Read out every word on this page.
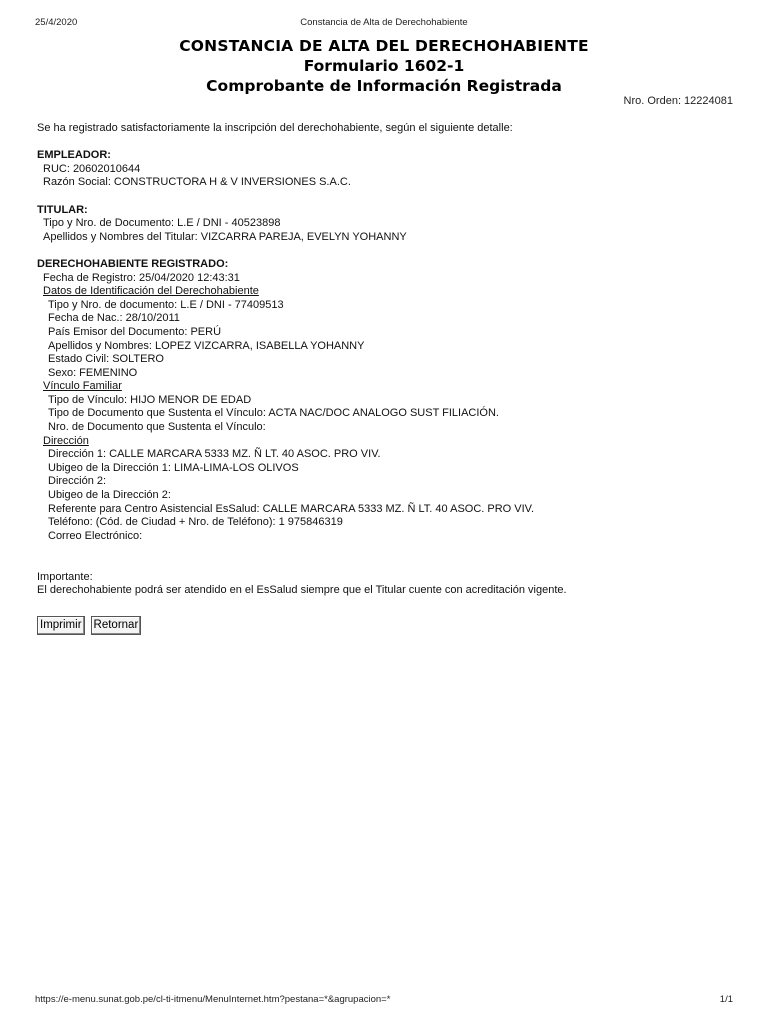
25/4/2020	Constancia de Alta de Derechohabiente
CONSTANCIA DE ALTA DEL DERECHOHABIENTE
Formulario 1602-1
Comprobante de Información Registrada
Nro. Orden: 12224081
Se ha registrado satisfactoriamente la inscripción del derechohabiente, según el siguiente detalle:
EMPLEADOR:
RUC: 20602010644
Razón Social: CONSTRUCTORA H & V INVERSIONES S.A.C.
TITULAR:
Tipo y Nro. de Documento: L.E / DNI - 40523898
Apellidos y Nombres del Titular: VIZCARRA PAREJA, EVELYN YOHANNY
DERECHOHABIENTE REGISTRADO:
Fecha de Registro: 25/04/2020 12:43:31
Datos de Identificación del Derechohabiente
Tipo y Nro. de documento: L.E / DNI - 77409513
Fecha de Nac.: 28/10/2011
País Emisor del Documento: PERÚ
Apellidos y Nombres: LOPEZ VIZCARRA, ISABELLA YOHANNY
Estado Civil: SOLTERO
Sexo: FEMENINO
Vínculo Familiar
Tipo de Vínculo: HIJO MENOR DE EDAD
Tipo de Documento que Sustenta el Vínculo: ACTA NAC/DOC ANALOGO SUST FILIACIÓN.
Nro. de Documento que Sustenta el Vínculo:
Dirección
Dirección 1: CALLE MARCARA 5333 MZ. Ñ LT. 40 ASOC. PRO VIV.
Ubigeo de la Dirección 1: LIMA-LIMA-LOS OLIVOS
Dirección 2:
Ubigeo de la Dirección 2:
Referente para Centro Asistencial EsSalud: CALLE MARCARA 5333 MZ. Ñ LT. 40 ASOC. PRO VIV.
Teléfono: (Cód. de Ciudad + Nro. de Teléfono): 1 975846319
Correo Electrónico:
Importante:
El derechohabiente podrá ser atendido en el EsSalud siempre que el Titular cuente con acreditación vigente.
Imprimir Retornar
https://e-menu.sunat.gob.pe/cl-ti-itmenu/MenuInternet.htm?pestana=*&agrupacion=*	1/1
